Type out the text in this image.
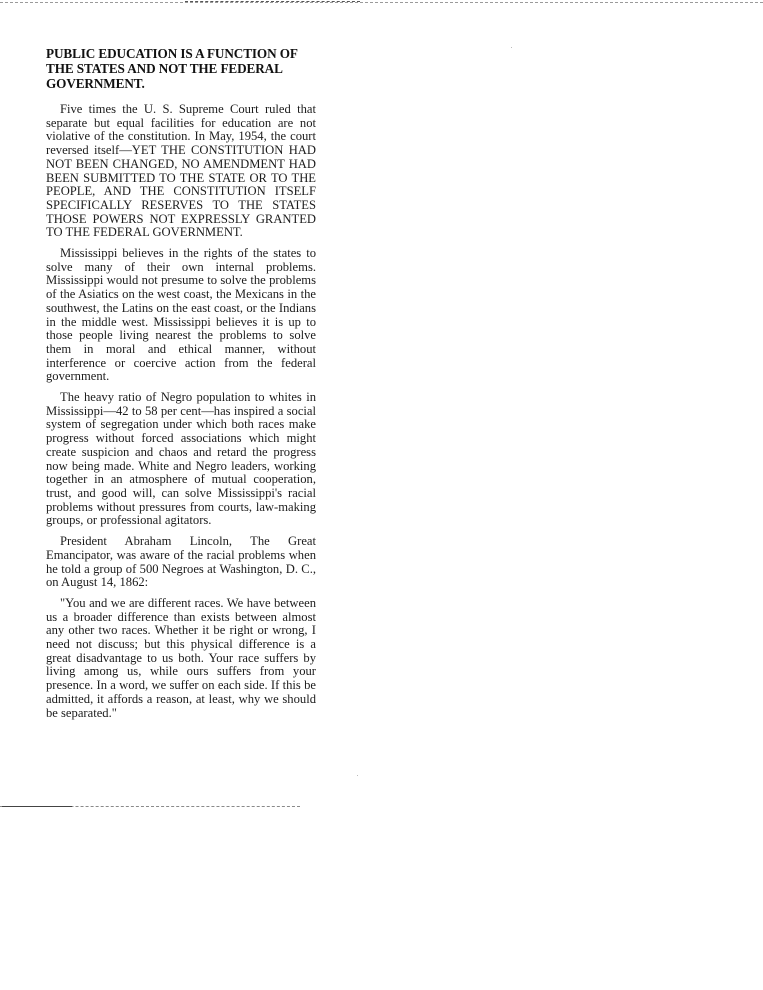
PUBLIC EDUCATION IS A FUNCTION OF THE STATES AND NOT THE FEDERAL GOVERNMENT.

Five times the U. S. Supreme Court ruled that separate but equal facilities for education are not violative of the constitution. In May, 1954, the court reversed itself—YET THE CONSTITUTION HAD NOT BEEN CHANGED, NO AMENDMENT HAD BEEN SUBMITTED TO THE STATE OR TO THE PEOPLE, AND THE CONSTITUTION ITSELF SPECIFICALLY RESERVES TO THE STATES THOSE POWERS NOT EXPRESSLY GRANTED TO THE FEDERAL GOVERNMENT.

Mississippi believes in the rights of the states to solve many of their own internal problems. Mississippi would not presume to solve the problems of the Asiatics on the west coast, the Mexicans in the southwest, the Latins on the east coast, or the Indians in the middle west. Mississippi believes it is up to those people living nearest the problems to solve them in moral and ethical manner, without interference or coercive action from the federal government.

The heavy ratio of Negro population to whites in Mississippi—42 to 58 per cent—has inspired a social system of segregation under which both races make progress without forced associations which might create suspicion and chaos and retard the progress now being made. White and Negro leaders, working together in an atmosphere of mutual cooperation, trust, and good will, can solve Mississippi's racial problems without pressures from courts, law-making groups, or professional agitators.

President Abraham Lincoln, The Great Emancipator, was aware of the racial problems when he told a group of 500 Negroes at Washington, D. C., on August 14, 1862:

"You and we are different races. We have between us a broader difference than exists between almost any other two races. Whether it be right or wrong, I need not discuss; but this physical difference is a great disadvantage to us both. Your race suffers by living among us, while ours suffers from your presence. In a word, we suffer on each side. If this be admitted, it affords a reason, at least, why we should be separated."
